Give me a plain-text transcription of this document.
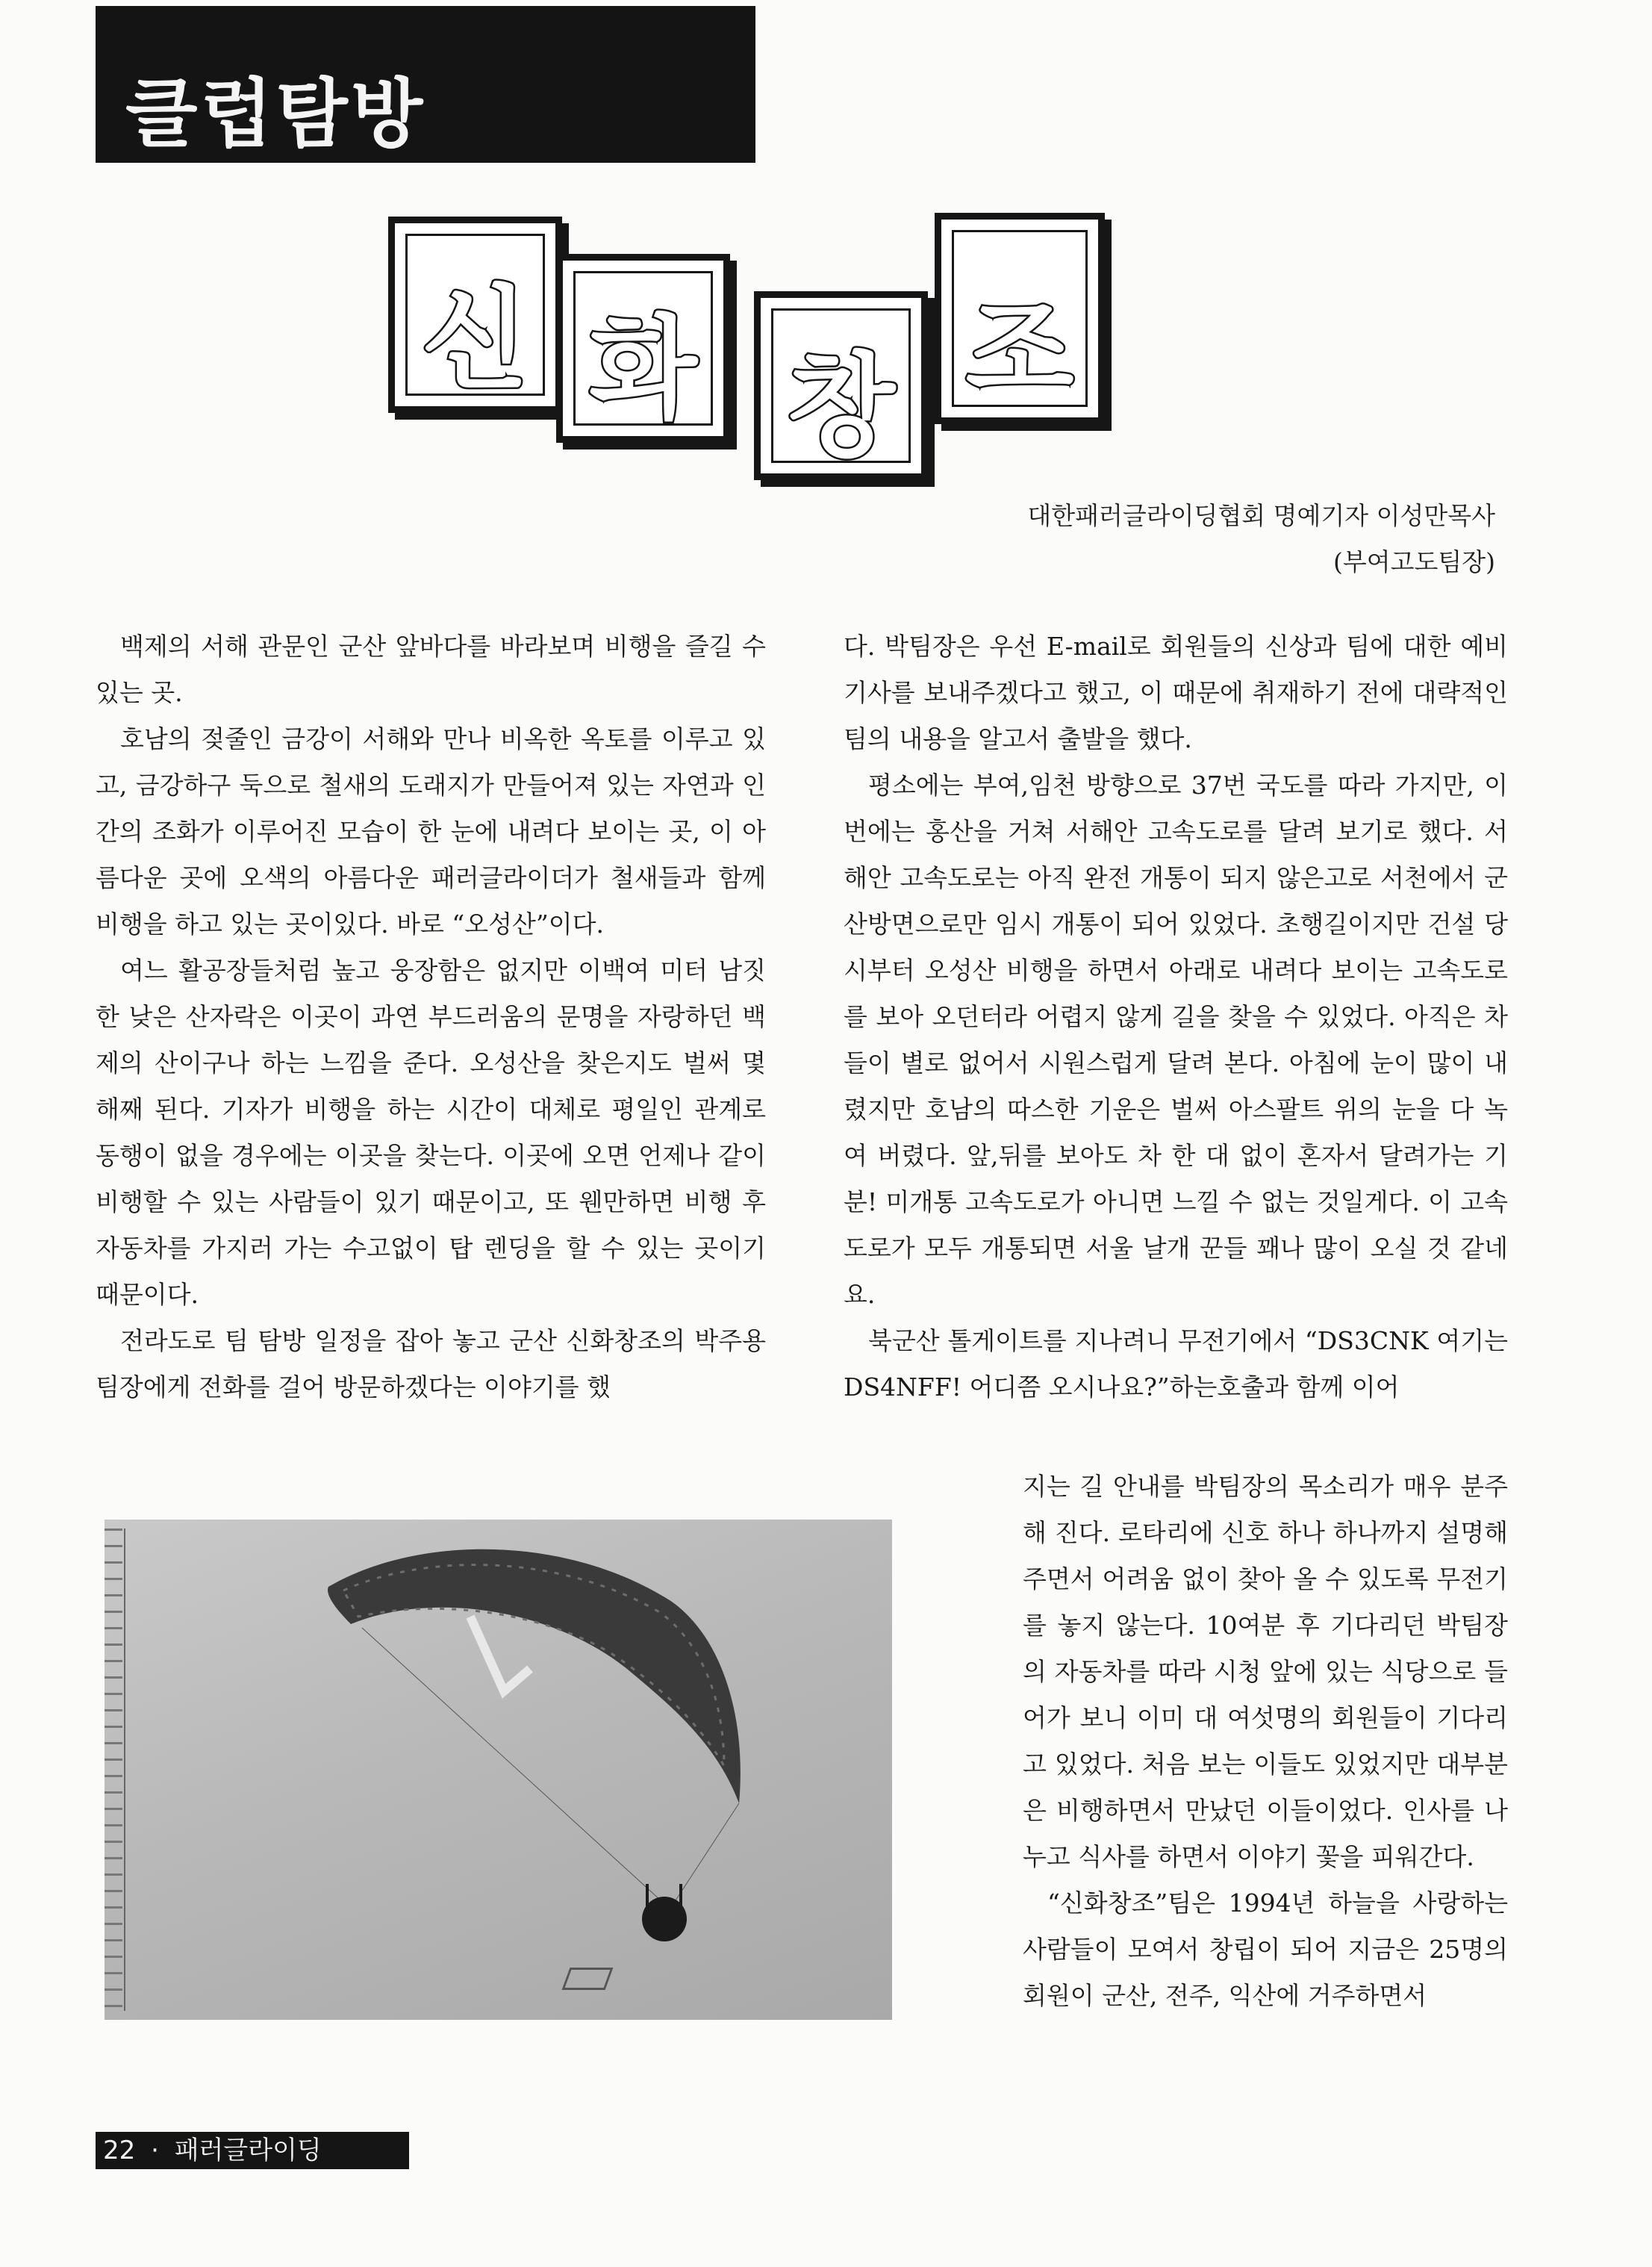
클럽탐방
신 화 창 조
대한패러글라이딩협회 명예기자 이성만목사
(부여고도팀장)

백제의 서해 관문인 군산 앞바다를 바라보며 비행을 즐길 수 있는 곳.

호남의 젖줄인 금강이 서해와 만나 비옥한 옥토를 이루고 있고, 금강하구 둑으로 철새의 도래지가 만들어져 있는 자연과 인간의 조화가 이루어진 모습이 한 눈에 내려다 보이는 곳, 이 아름다운 곳에 오색의 아름다운 패러글라이더가 철새들과 함께 비행을 하고 있는 곳이있다. 바로 “오성산”이다.

여느 활공장들처럼 높고 웅장함은 없지만 이백여 미터 남짓한 낮은 산자락은 이곳이 과연 부드러움의 문명을 자랑하던 백제의 산이구나 하는 느낌을 준다. 오성산을 찾은지도 벌써 몇 해째 된다. 기자가 비행을 하는 시간이 대체로 평일인 관계로 동행이 없을 경우에는 이곳을 찾는다. 이곳에 오면 언제나 같이 비행할 수 있는 사람들이 있기 때문이고, 또 웬만하면 비행 후 자동차를 가지러 가는 수고없이 탑 렌딩을 할 수 있는 곳이기 때문이다.

전라도로 팀 탐방 일정을 잡아 놓고 군산 신화창조의 박주용 팀장에게 전화를 걸어 방문하겠다는 이야기를 했

다. 박팀장은 우선 E-mail로 회원들의 신상과 팀에 대한 예비기사를 보내주겠다고 했고, 이 때문에 취재하기 전에 대략적인 팀의 내용을 알고서 출발을 했다.

평소에는 부여,임천 방향으로 37번 국도를 따라 가지만, 이번에는 홍산을 거쳐 서해안 고속도로를 달려 보기로 했다. 서해안 고속도로는 아직 완전 개통이 되지 않은고로 서천에서 군산방면으로만 임시 개통이 되어 있었다. 초행길이지만 건설 당시부터 오성산 비행을 하면서 아래로 내려다 보이는 고속도로를 보아 오던터라 어렵지 않게 길을 찾을 수 있었다. 아직은 차들이 별로 없어서 시원스럽게 달려 본다. 아침에 눈이 많이 내렸지만 호남의 따스한 기운은 벌써 아스팔트 위의 눈을 다 녹여 버렸다. 앞,뒤를 보아도 차 한 대 없이 혼자서 달려가는 기분! 미개통 고속도로가 아니면 느낄 수 없는 것일게다. 이 고속도로가 모두 개통되면 서울 날개 꾼들 꽤나 많이 오실 것 같네요.

북군산 톨게이트를 지나려니 무전기에서 “DS3CNK 여기는 DS4NFF! 어디쯤 오시나요?”하는호출과 함께 이어

지는 길 안내를 박팀장의 목소리가 매우 분주해 진다. 로타리에 신호 하나 하나까지 설명해 주면서 어려움 없이 찾아 올 수 있도록 무전기를 놓지 않는다. 10여분 후 기다리던 박팀장의 자동차를 따라 시청 앞에 있는 식당으로 들어가 보니 이미 대 여섯명의 회원들이 기다리고 있었다. 처음 보는 이들도 있었지만 대부분은 비행하면서 만났던 이들이었다. 인사를 나누고 식사를 하면서 이야기 꽃을 피워간다.

“신화창조”팀은 1994년 하늘을 사랑하는 사람들이 모여서 창립이 되어 지금은 25명의 회원이 군산, 전주, 익산에 거주하면서

22 · 패러글라이딩
